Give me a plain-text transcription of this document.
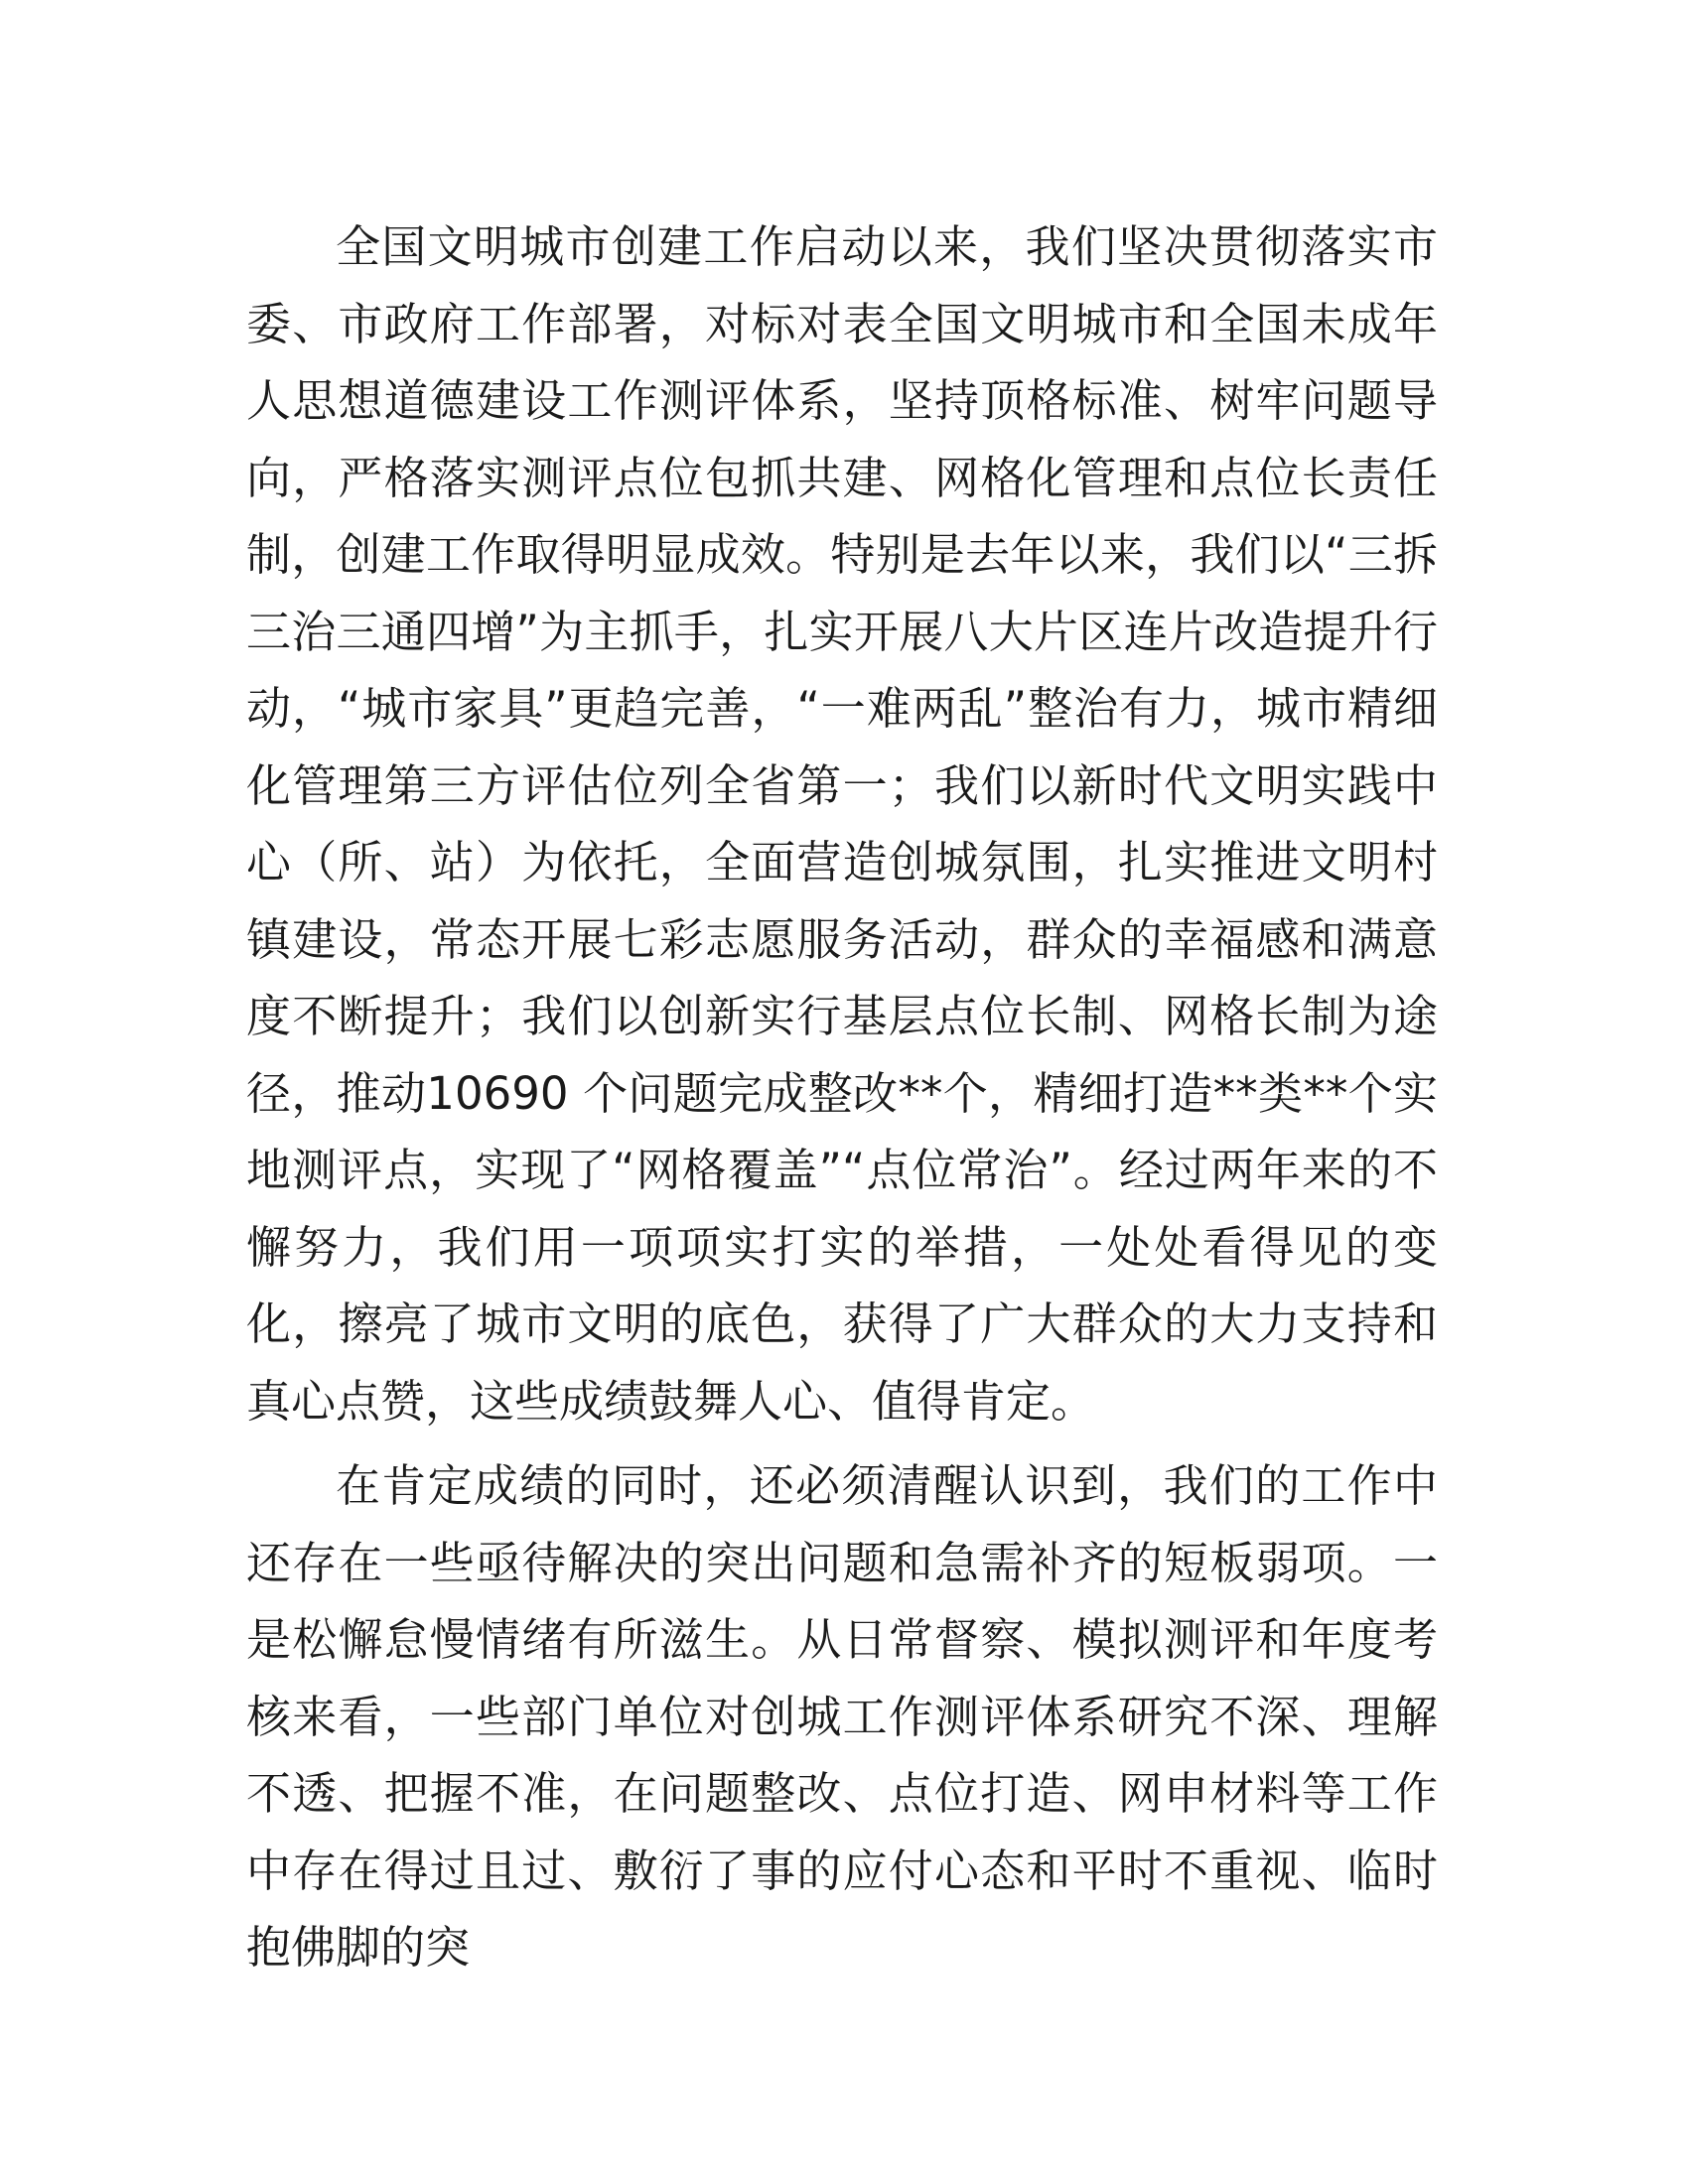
全国文明城市创建工作启动以来，我们坚决贯彻落实市委、市政府工作部署，对标对表全国文明城市和全国未成年人思想道德建设工作测评体系，坚持顶格标准、树牢问题导向，严格落实测评点位包抓共建、网格化管理和点位长责任制，创建工作取得明显成效。特别是去年以来，我们以“三拆三治三通四增”为主抓手，扎实开展八大片区连片改造提升行动，“城市家具”更趋完善，“一难两乱”整治有力，城市精细化管理第三方评估位列全省第一；我们以新时代文明实践中心（所、站）为依托，全面营造创城氛围，扎实推进文明村镇建设，常态开展七彩志愿服务活动，群众的幸福感和满意度不断提升；我们以创新实行基层点位长制、网格长制为途径，推动10690 个问题完成整改**个，精细打造**类**个实地测评点，实现了“网格覆盖”“点位常治”。经过两年来的不懈努力，我们用一项项实打实的举措，一处处看得见的变化，擦亮了城市文明的底色，获得了广大群众的大力支持和真心点赞，这些成绩鼓舞人心、值得肯定。

在肯定成绩的同时，还必须清醒认识到，我们的工作中还存在一些亟待解决的突出问题和急需补齐的短板弱项。一是松懈怠慢情绪有所滋生。从日常督察、模拟测评和年度考核来看，一些部门单位对创城工作测评体系研究不深、理解不透、把握不准，在问题整改、点位打造、网申材料等工作中存在得过且过、敷衍了事的应付心态和平时不重视、临时抱佛脚的突
